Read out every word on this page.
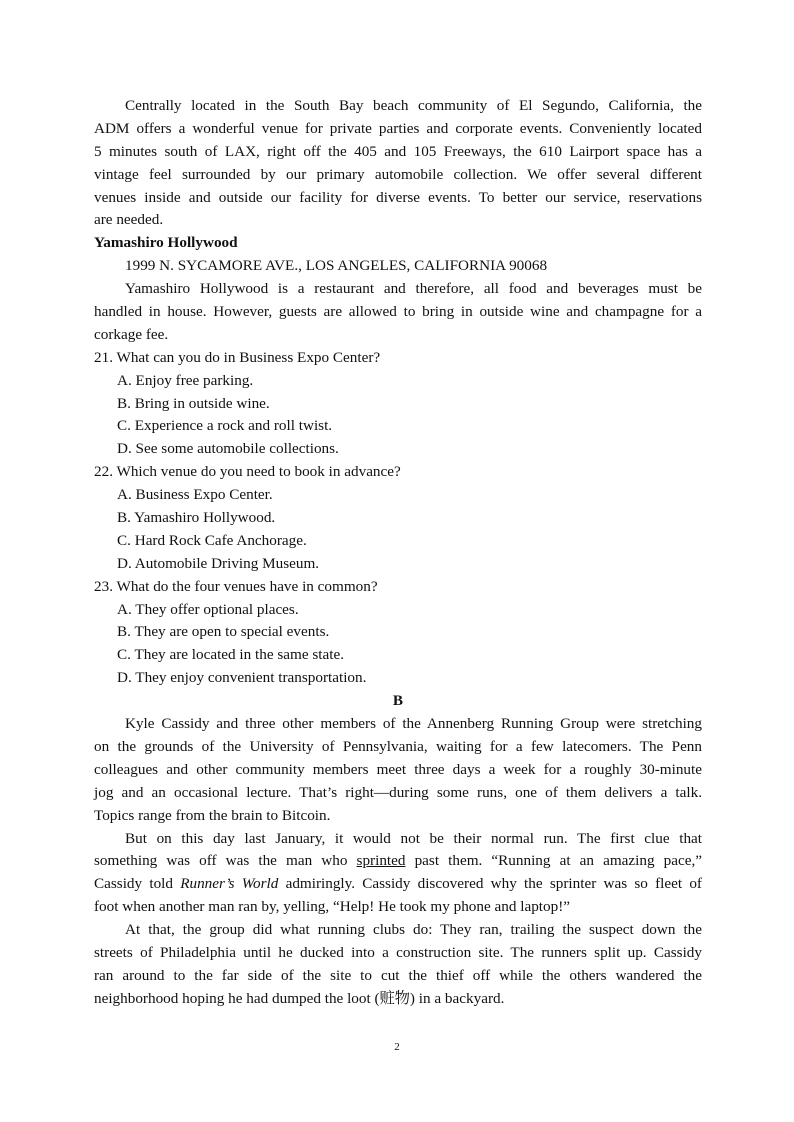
Centrally located in the South Bay beach community of El Segundo, California, the
ADM offers a wonderful venue for private parties and corporate events. Conveniently located
5 minutes south of LAX, right off the 405 and 105 Freeways, the 610 Lairport space has a
vintage feel surrounded by our primary automobile collection. We offer several different
venues inside and outside our facility for diverse events. To better our service, reservations
are needed.
Yamashiro Hollywood
1999 N. SYCAMORE AVE., LOS ANGELES, CALIFORNIA 90068
Yamashiro Hollywood is a restaurant and therefore, all food and beverages must be
handled in house. However, guests are allowed to bring in outside wine and champagne for a
corkage fee.
21. What can you do in Business Expo Center?
A. Enjoy free parking.
B. Bring in outside wine.
C. Experience a rock and roll twist.
D. See some automobile collections.
22. Which venue do you need to book in advance?
A. Business Expo Center.
B. Yamashiro Hollywood.
C. Hard Rock Cafe Anchorage.
D. Automobile Driving Museum.
23. What do the four venues have in common?
A. They offer optional places.
B. They are open to special events.
C. They are located in the same state.
D. They enjoy convenient transportation.
B
Kyle Cassidy and three other members of the Annenberg Running Group were stretching
on the grounds of the University of Pennsylvania, waiting for a few latecomers. The Penn
colleagues and other community members meet three days a week for a roughly 30-minute
jog and an occasional lecture. That’s right—during some runs, one of them delivers a talk.
Topics range from the brain to Bitcoin.
But on this day last January, it would not be their normal run. The first clue that
something was off was the man who sprinted past them. “Running at an amazing pace,”
Cassidy told Runner’s World admiringly. Cassidy discovered why the sprinter was so fleet of
foot when another man ran by, yelling, “Help! He took my phone and laptop!”
At that, the group did what running clubs do: They ran, trailing the suspect down the
streets of Philadelphia until he ducked into a construction site. The runners split up. Cassidy
ran around to the far side of the site to cut the thief off while the others wandered the
neighborhood hoping he had dumped the loot (赃物) in a backyard.
2
